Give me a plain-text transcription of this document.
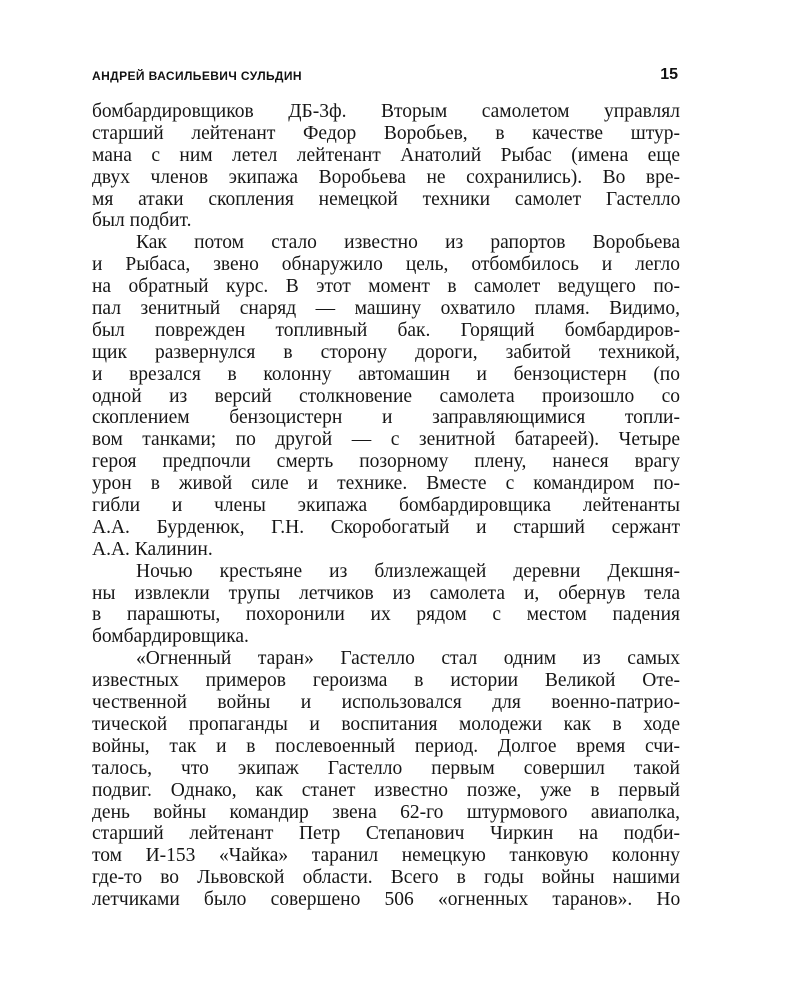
АНДРЕЙ ВАСИЛЬЕВИЧ СУЛЬДИН	15
бомбардировщиков ДБ-3ф. Вторым самолетом управлял
старший лейтенант Федор Воробьев, в качестве штур-
мана с ним летел лейтенант Анатолий Рыбас (имена еще
двух членов экипажа Воробьева не сохранились). Во вре-
мя атаки скопления немецкой техники самолет Гастелло
был подбит.
Как потом стало известно из рапортов Воробьева
и Рыбаса, звено обнаружило цель, отбомбилось и легло
на обратный курс. В этот момент в самолет ведущего по-
пал зенитный снаряд — машину охватило пламя. Видимо,
был поврежден топливный бак. Горящий бомбардиров-
щик развернулся в сторону дороги, забитой техникой,
и врезался в колонну автомашин и бензоцистерн (по
одной из версий столкновение самолета произошло со
скоплением бензоцистерн и заправляющимися топли-
вом танками; по другой — с зенитной батареей). Четыре
героя предпочли смерть позорному плену, нанеся врагу
урон в живой силе и технике. Вместе с командиром по-
гибли и члены экипажа бомбардировщика лейтенанты
А.А. Бурденюк, Г.Н. Скоробогатый и старший сержант
А.А. Калинин.
Ночью крестьяне из близлежащей деревни Декшня-
ны извлекли трупы летчиков из самолета и, обернув тела
в парашюты, похоронили их рядом с местом падения
бомбардировщика.
«Огненный таран» Гастелло стал одним из самых
известных примеров героизма в истории Великой Оте-
чественной войны и использовался для военно-патрио-
тической пропаганды и воспитания молодежи как в ходе
войны, так и в послевоенный период. Долгое время счи-
талось, что экипаж Гастелло первым совершил такой
подвиг. Однако, как станет известно позже, уже в первый
день войны командир звена 62-го штурмового авиаполка,
старший лейтенант Петр Степанович Чиркин на подби-
том И-153 «Чайка» таранил немецкую танковую колонну
где-то во Львовской области. Всего в годы войны нашими
летчиками было совершено 506 «огненных таранов». Но
